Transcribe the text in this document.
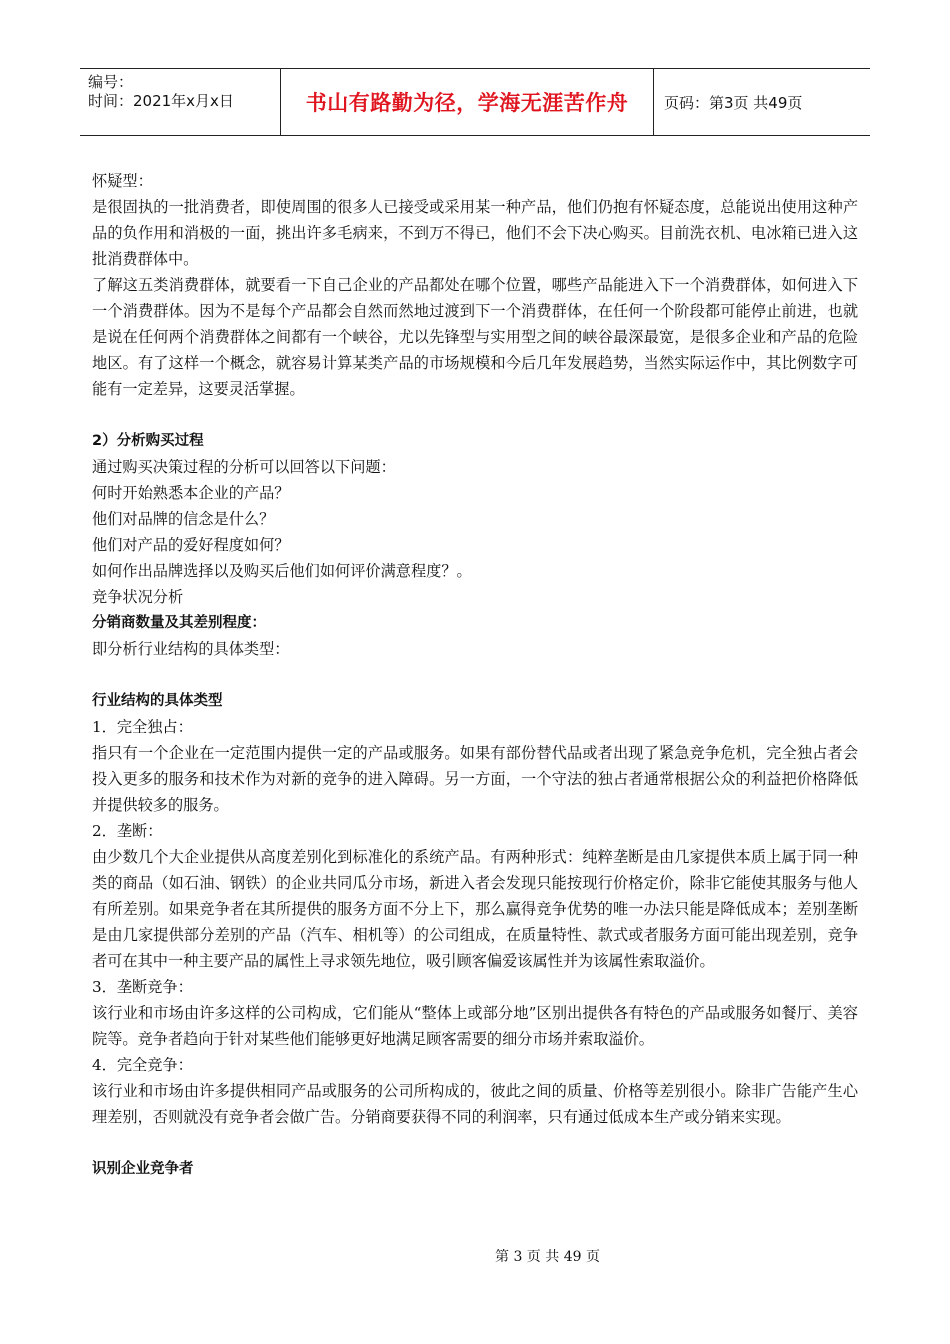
编号：
时间：2021年x月x日	书山有路勤为径，学海无涯苦作舟 页码：第3页 共49页

怀疑型：

是很固执的一批消费者，即使周围的很多人已接受或采用某一种产品，他们仍抱有怀疑态度，总能说出使用这种产品的负作用和消极的一面，挑出许多毛病来，不到万不得已，他们不会下决心购买。目前洗衣机、电冰箱已进入这批消费群体中。

了解这五类消费群体，就要看一下自己企业的产品都处在哪个位置，哪些产品能进入下一个消费群体，如何进入下一个消费群体。因为不是每个产品都会自然而然地过渡到下一个消费群体，在任何一个阶段都可能停止前进，也就是说在任何两个消费群体之间都有一个峡谷，尤以先锋型与实用型之间的峡谷最深最宽，是很多企业和产品的危险地区。有了这样一个概念，就容易计算某类产品的市场规模和今后几年发展趋势，当然实际运作中，其比例数字可能有一定差异，这要灵活掌握。

2）分析购买过程

通过购买决策过程的分析可以回答以下问题：

何时开始熟悉本企业的产品？

他们对品牌的信念是什么？

他们对产品的爱好程度如何？

如何作出品牌选择以及购买后他们如何评价满意程度？。

竞争状况分析

分销商数量及其差别程度：

即分析行业结构的具体类型：

行业结构的具体类型

1．完全独占：

指只有一个企业在一定范围内提供一定的产品或服务。如果有部份替代品或者出现了紧急竞争危机，完全独占者会投入更多的服务和技术作为对新的竞争的进入障碍。另一方面，一个守法的独占者通常根据公众的利益把价格降低并提供较多的服务。

2．垄断：

由少数几个大企业提供从高度差别化到标准化的系统产品。有两种形式：纯粹垄断是由几家提供本质上属于同一种类的商品（如石油、钢铁）的企业共同瓜分市场，新进入者会发现只能按现行价格定价，除非它能使其服务与他人有所差别。如果竞争者在其所提供的服务方面不分上下，那么赢得竞争优势的唯一办法只能是降低成本；差别垄断是由几家提供部分差别的产品（汽车、相机等）的公司组成，在质量特性、款式或者服务方面可能出现差别，竞争者可在其中一种主要产品的属性上寻求领先地位，吸引顾客偏爱该属性并为该属性索取溢价。

3．垄断竞争：

该行业和市场由许多这样的公司构成，它们能从“整体上或部分地”区别出提供各有特色的产品或服务如餐厅、美容院等。竞争者趋向于针对某些他们能够更好地满足顾客需要的细分市场并索取溢价。

4．完全竞争：

该行业和市场由许多提供相同产品或服务的公司所构成的，彼此之间的质量、价格等差别很小。除非广告能产生心理差别，否则就没有竞争者会做广告。分销商要获得不同的利润率，只有通过低成本生产或分销来实现。

识别企业竞争者

第 3 页 共 49 页
